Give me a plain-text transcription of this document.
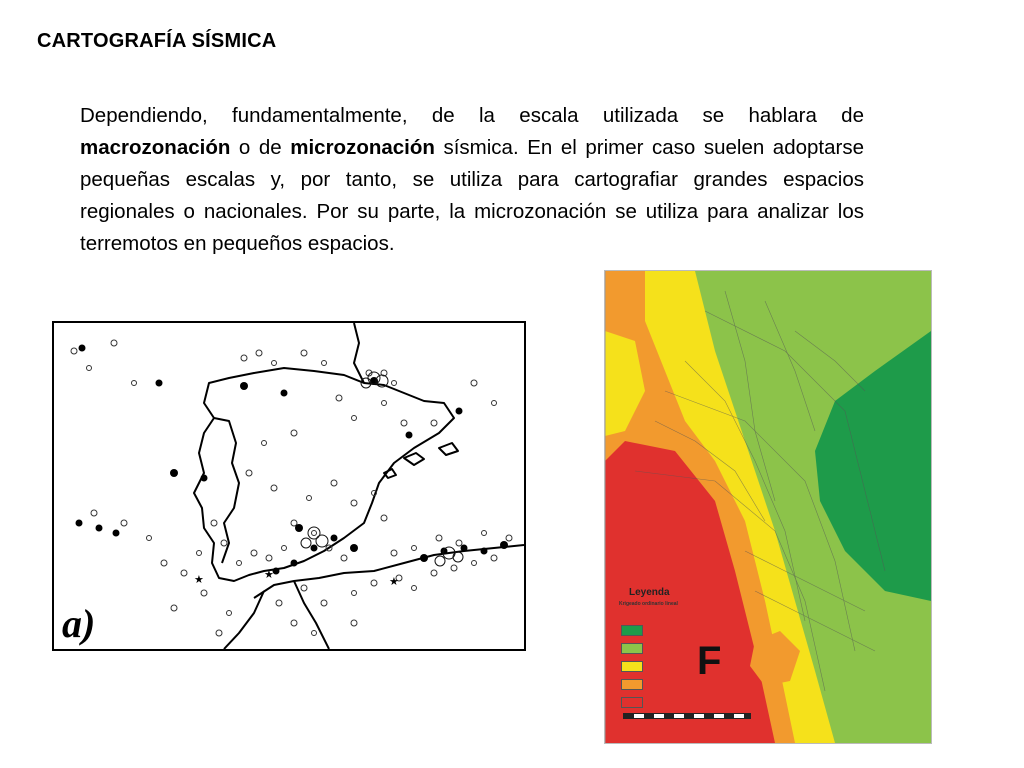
CARTOGRAFÍA SÍSMICA
Dependiendo, fundamentalmente, de la escala utilizada se hablara de macrozonación o de microzonación sísmica. En el primer caso suelen adoptarse pequeñas escalas y, por tanto, se utiliza para cartografiar grandes espacios regionales o nacionales. Por su parte, la microzonación se utiliza para analizar los terremotos en pequeños espacios.
★	★
★
a)
Leyenda
Krigeado ordinario lineal
F
